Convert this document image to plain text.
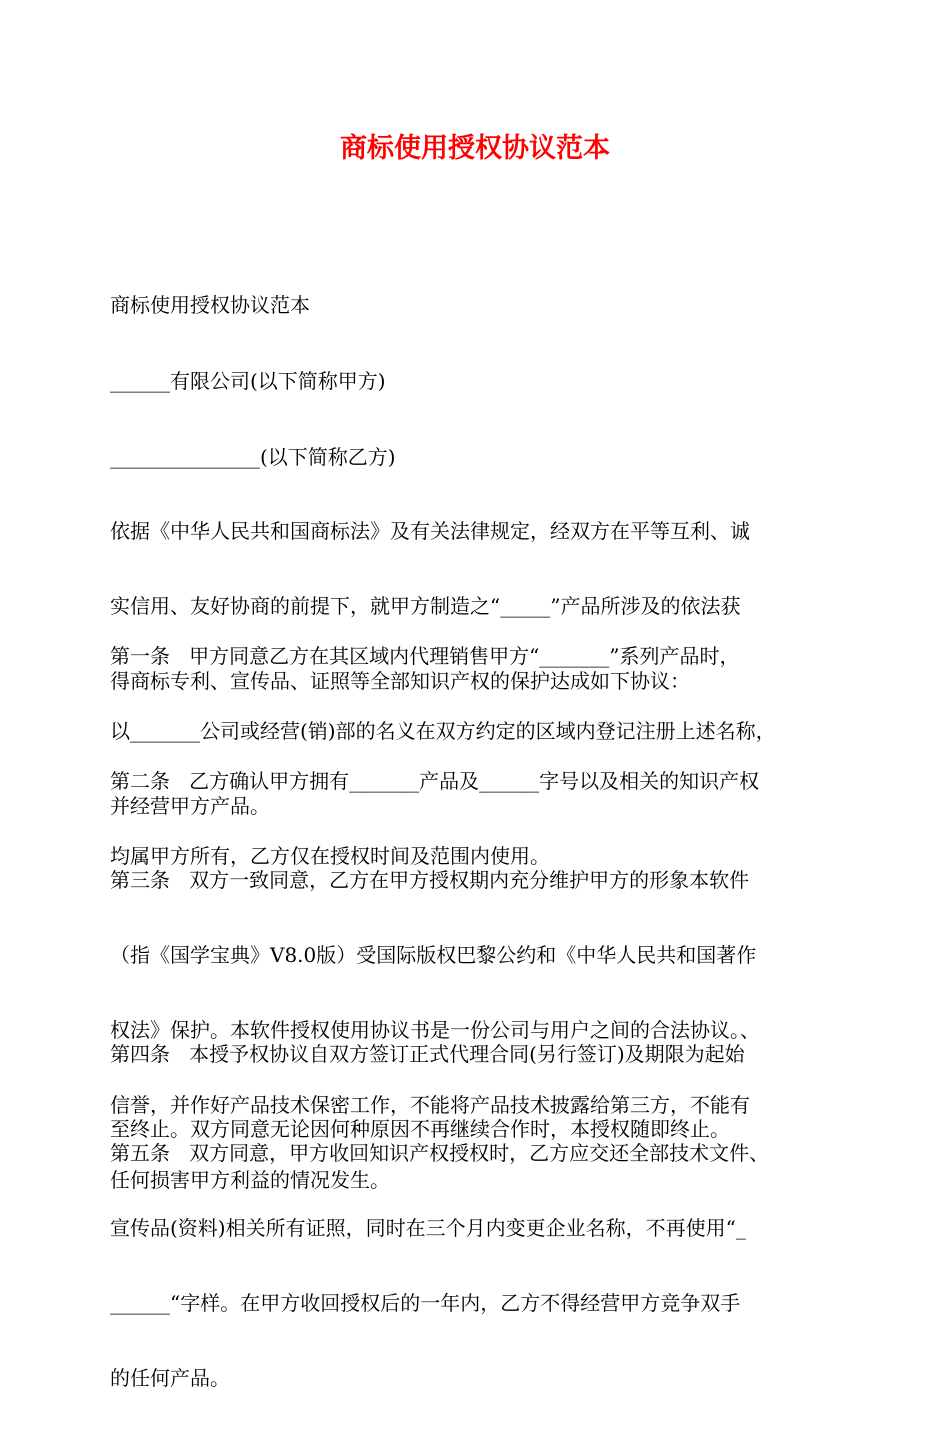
商标使用授权协议范本

商标使用授权协议范本

______有限公司(以下简称甲方)

_______________(以下简称乙方)

依据《中华人民共和国商标法》及有关法律规定，经双方在平等互利、诚

实信用、友好协商的前提下，就甲方制造之“_____”产品所涉及的依法获

得商标专利、宣传品、证照等全部知识产权的保护达成如下协议：

第一条   甲方同意乙方在其区域内代理销售甲方“_______”系列产品时，

以_______公司或经营(销)部的名义在双方约定的区域内登记注册上述名称，

并经营甲方产品。

第二条   乙方确认甲方拥有_______产品及______字号以及相关的知识产权

均属甲方所有，乙方仅在授权时间及范围内使用。

第三条   双方一致同意，乙方在甲方授权期内充分维护甲方的形象本软件

（指《国学宝典》V8.0版）受国际版权巴黎公约和《中华人民共和国著作

权法》保护。本软件授权使用协议书是一份公司与用户之间的合法协议。、

信誉，并作好产品技术保密工作，不能将产品技术披露给第三方，不能有

任何损害甲方利益的情况发生。

第四条   本授予权协议自双方签订正式代理合同(另行签订)及期限为起始

至终止。双方同意无论因何种原因不再继续合作时，本授权随即终止。

第五条   双方同意，甲方收回知识产权授权时，乙方应交还全部技术文件、

宣传品(资料)相关所有证照，同时在三个月内变更企业名称，不再使用“_

______“字样。在甲方收回授权后的一年内，乙方不得经营甲方竞争双手

的任何产品。
